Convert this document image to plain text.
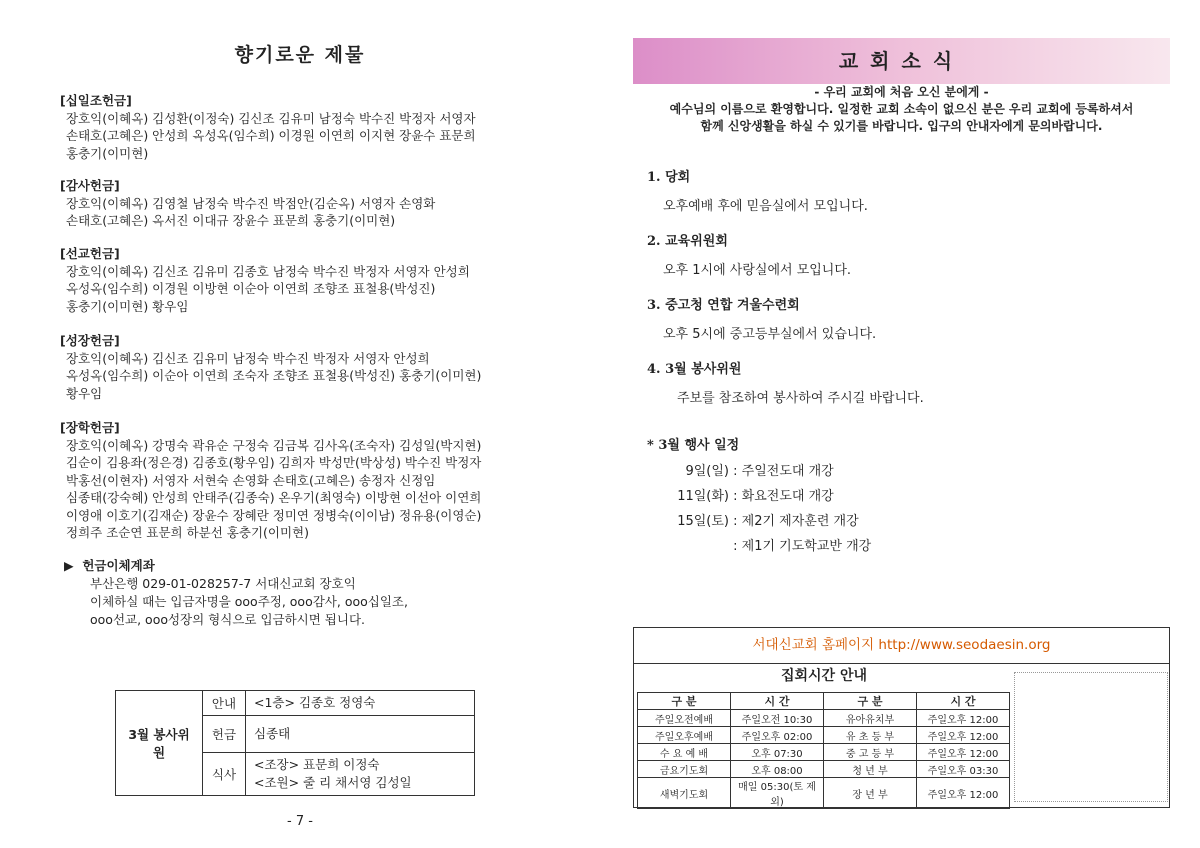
향기로운 제물
[십일조헌금]
장호익(이혜옥) 김성환(이정숙) 김신조 김유미 남정숙 박수진 박정자 서영자
손태호(고혜은) 안성희 옥성옥(임수희) 이경원 이연희 이지현 장윤수 표문희
홍충기(이미현)
[감사헌금]
장호익(이혜옥) 김영철 남정숙 박수진 박점안(김순옥) 서영자 손영화
손태호(고혜은) 옥서진 이대규 장윤수 표문희 홍충기(이미현)
[선교헌금]
장호익(이혜옥) 김신조 김유미 김종호 남정숙 박수진 박정자 서영자 안성희
옥성옥(임수희) 이경원 이방현 이순아 이연희 조향조 표철용(박성진)
홍충기(이미현) 황우임
[성장헌금]
장호익(이혜옥) 김신조 김유미 남정숙 박수진 박정자 서영자 안성희
옥성옥(임수희) 이순아 이연희 조숙자 조향조 표철용(박성진) 홍충기(이미현)
황우임
[장학헌금]
장호익(이혜옥) 강명숙 곽유순 구정숙 김금복 김사옥(조숙자) 김성일(박지현)
김순이 김용좌(정은경) 김종호(황우임) 김희자 박성만(박상성) 박수진 박정자
박홍선(이현자) 서영자 서현숙 손영화 손태호(고혜은) 송정자 신정임
심종태(강숙혜) 안성희 안태주(김종숙) 온우기(최영숙) 이방현 이선아 이연희
이영애 이호기(김재순) 장윤수 장혜란 정미연 정병숙(이이남) 정유용(이영순)
정희주 조순연 표문희 하분선 홍충기(이미현)
▶  헌금이체계좌
부산은행 029-01-028257-7 서대신교회 장호익
이체하실 때는 입금자명을 ooo주정, ooo감사, ooo십일조,
ooo선교, ooo성장의 형식으로 입금하시면 됩니다.
3월 봉사위원	안내	<1층> 김종호 정영숙

	헌금	심종태

	식사	<조장> 표문희 이정숙
<조원> 줄 리 채서영 김성일
- 7 -
교회소식
- 우리 교회에 처음 오신 분에게 -
예수님의 이름으로 환영합니다. 일정한 교회 소속이 없으신 분은 우리 교회에 등록하셔서
함께 신앙생활을 하실 수 있기를 바랍니다. 입구의 안내자에게 문의바랍니다.
1. 당회
오후예배 후에 믿음실에서 모입니다.
2. 교육위원회
오후 1시에 사랑실에서 모입니다.
3. 중고청 연합 겨울수련회
오후 5시에 중고등부실에서 있습니다.
4. 3월 봉사위원
주보를 참조하여 봉사하여 주시길 바랍니다.
* 3월 행사 일정
9일(일) : 주일전도대 개강
11일(화) : 화요전도대 개강
15일(토) : 제2기 제자훈련 개강
: 제1기 기도학교반 개강
서대신교회 홈페이지 http://www.seodaesin.org
집회시간 안내
구 분	시 간	구 분	시 간
주일오전예배	주일오전 10:30	유아유치부	주일오후 12:00
주일오후예배	주일오후 02:00	유 초 등 부	주일오후 12:00
수 요 예 배	오후 07:30	중 고 등 부	주일오후 12:00
금요기도회	오후 08:00	청 년 부	주일오후 03:30
새벽기도회	매일 05:30(토 제외)	장 년 부	주일오후 12:00
